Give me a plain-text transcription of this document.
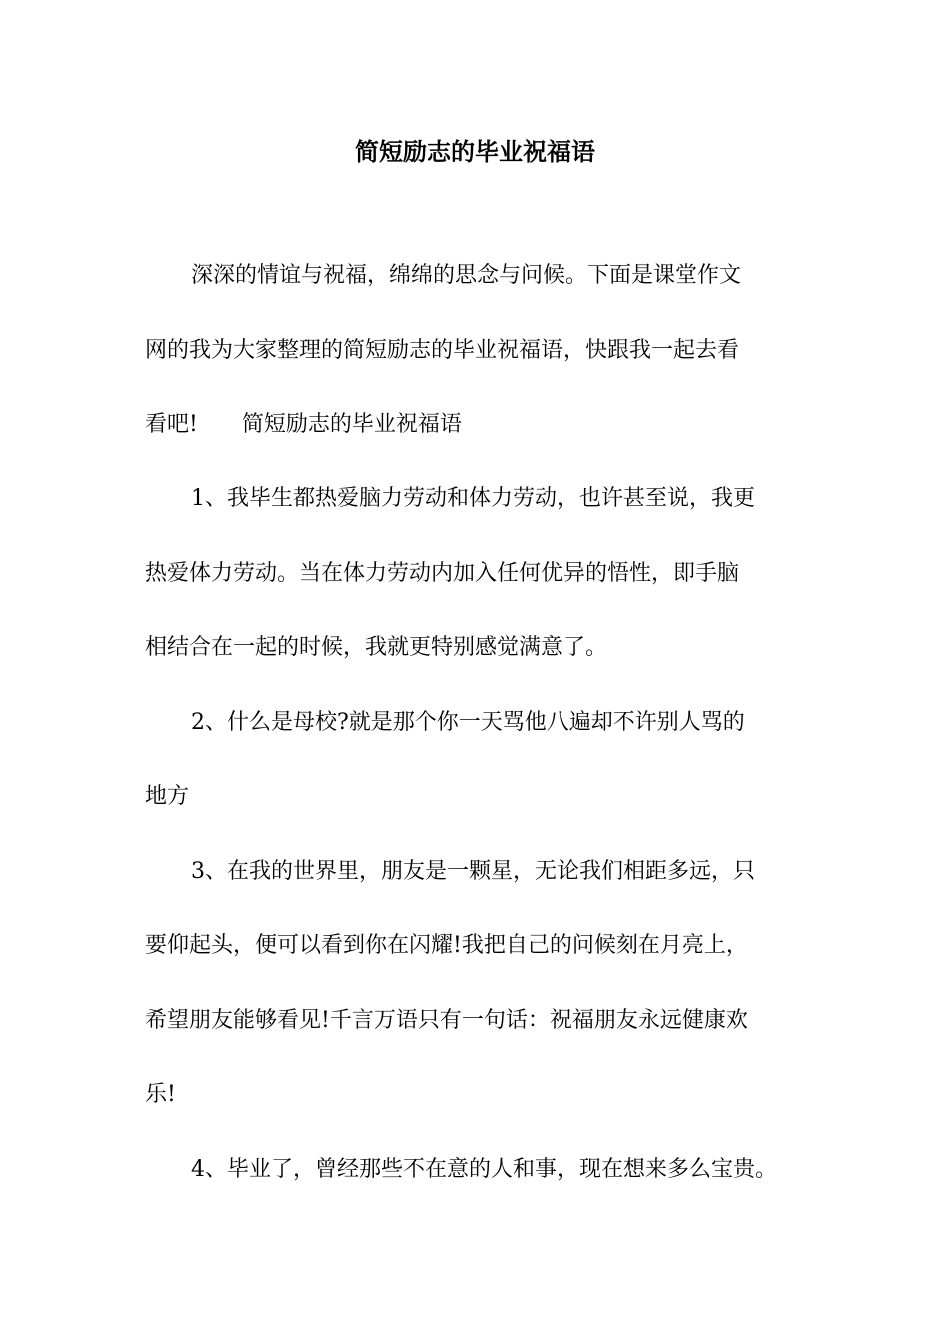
简短励志的毕业祝福语
深深的情谊与祝福，绵绵的思念与问候。下面是课堂作文
网的我为大家整理的简短励志的毕业祝福语，快跟我一起去看
看吧!　　简短励志的毕业祝福语
1、我毕生都热爱脑力劳动和体力劳动，也许甚至说，我更
热爱体力劳动。当在体力劳动内加入任何优异的悟性，即手脑
相结合在一起的时候，我就更特别感觉满意了。
2、什么是母校?就是那个你一天骂他八遍却不许别人骂的
地方
3、在我的世界里，朋友是一颗星，无论我们相距多远，只
要仰起头，便可以看到你在闪耀!我把自己的问候刻在月亮上，
希望朋友能够看见!千言万语只有一句话：祝福朋友永远健康欢
乐!
4、毕业了，曾经那些不在意的人和事，现在想来多么宝贵。
